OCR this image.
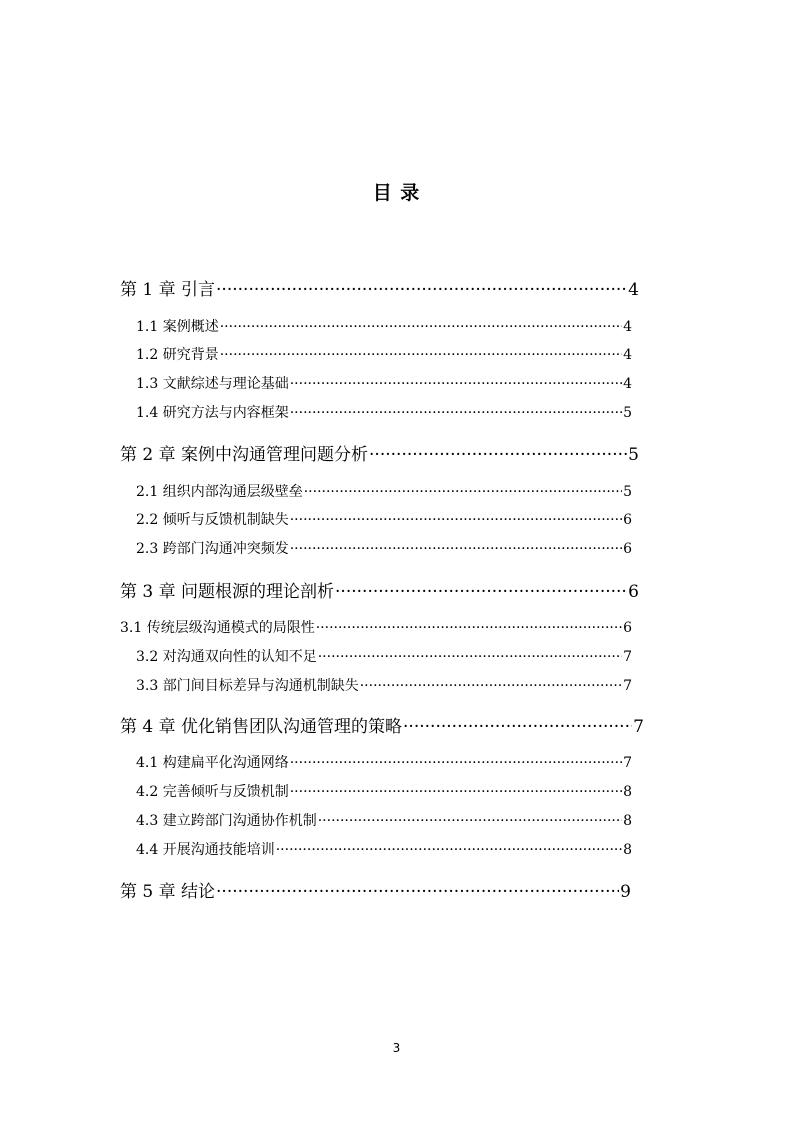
目 录
第 1 章 引言 ·····	4
1.1 案例概述 ·····	4
1.2 研究背景 ·····	4
1.3 文献综述与理论基础 ·····	4
1.4 研究方法与内容框架 ·····	5
第 2 章 案例中沟通管理问题分析 ·····	5
2.1 组织内部沟通层级壁垒 ·····	5
2.2 倾听与反馈机制缺失 ·····	6
2.3 跨部门沟通冲突频发 ·····	6
第 3 章 问题根源的理论剖析 ·····	6
3.1 传统层级沟通模式的局限性 ·····	6
3.2 对沟通双向性的认知不足 ·····	7
3.3 部门间目标差异与沟通机制缺失 ·····	7
第 4 章 优化销售团队沟通管理的策略 ·····	7
4.1 构建扁平化沟通网络 ·····	7
4.2 完善倾听与反馈机制 ·····	8
4.3 建立跨部门沟通协作机制 ·····	8
4.4 开展沟通技能培训 ·····	8
第 5 章 结论 ·····	9
3
